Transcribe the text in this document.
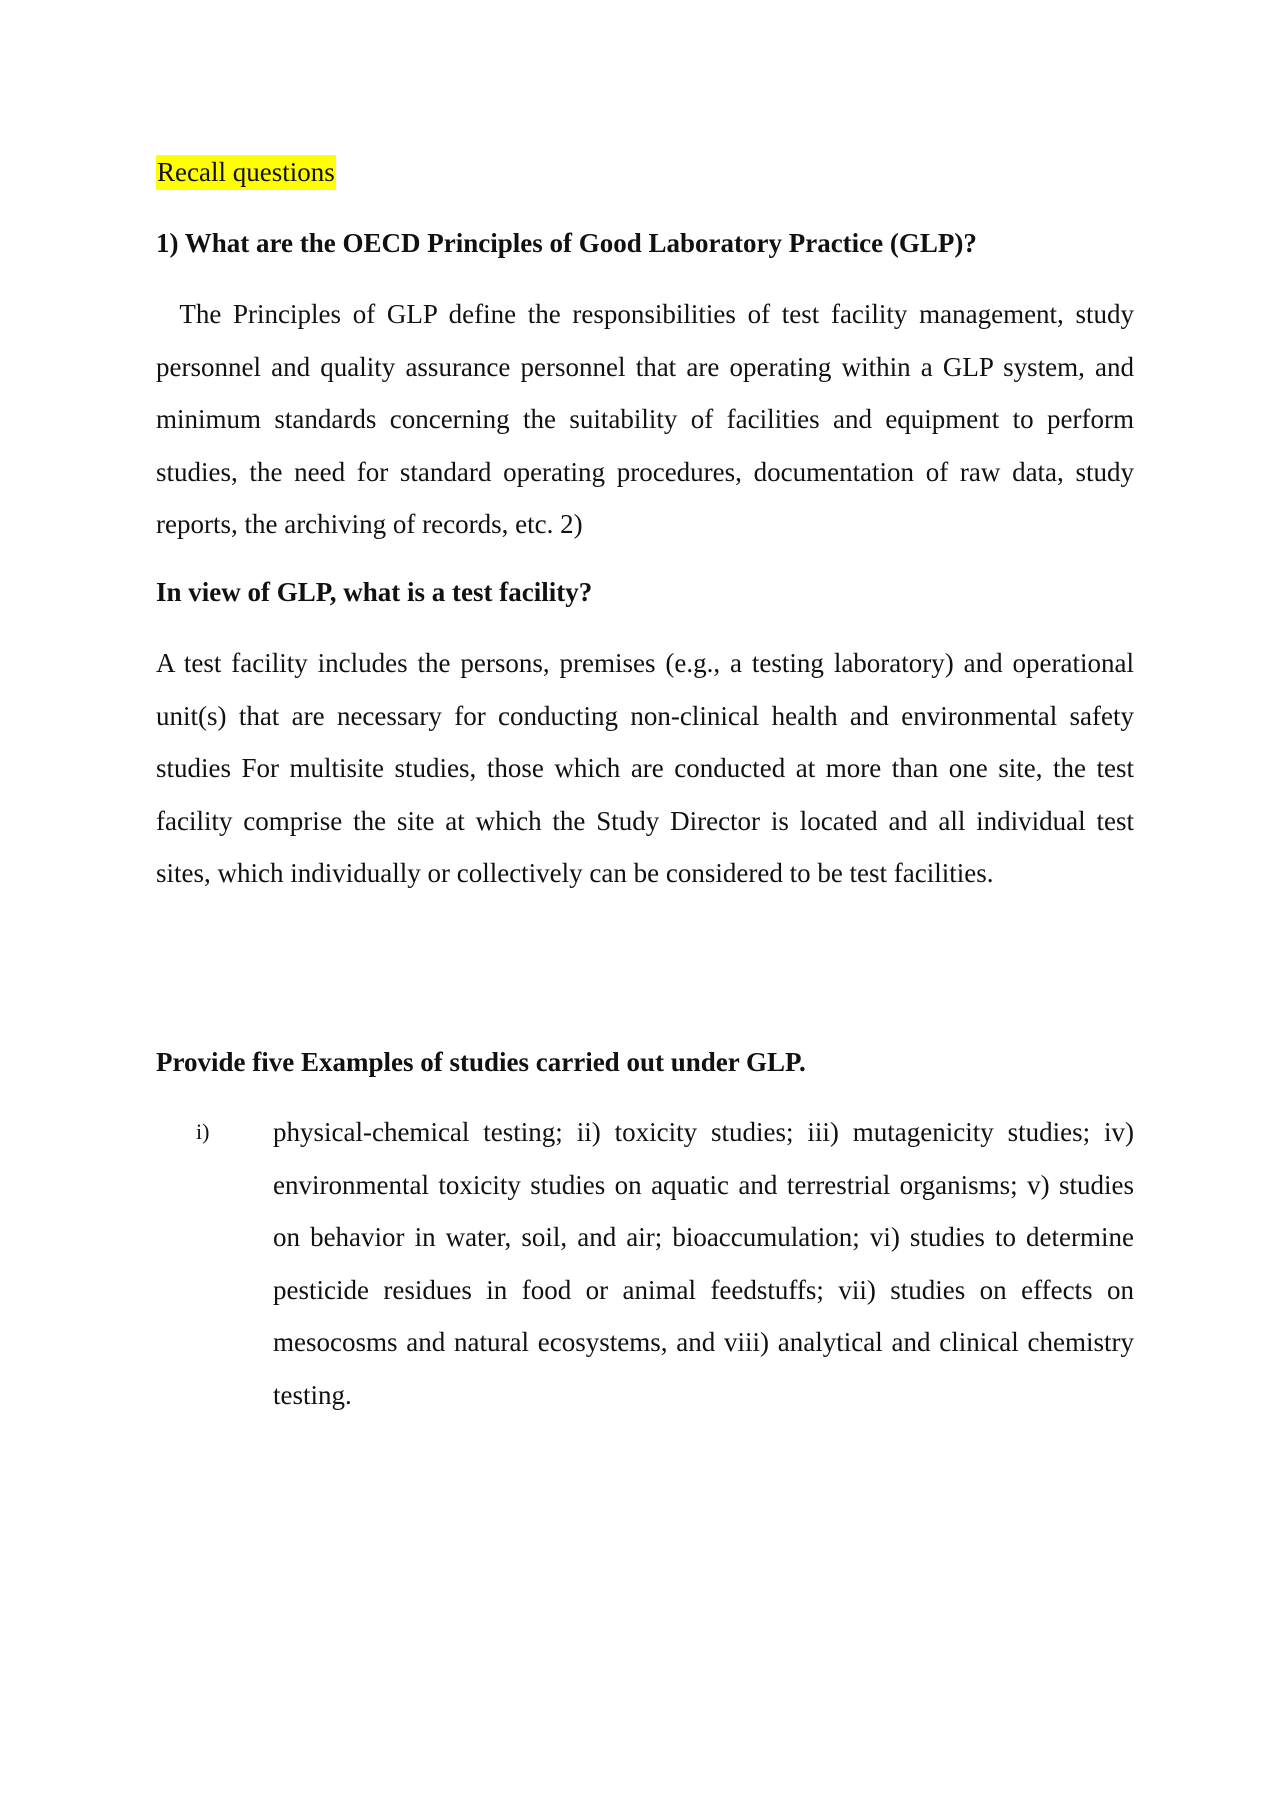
Recall questions
1) What are the OECD Principles of Good Laboratory Practice (GLP)?
The Principles of GLP define the responsibilities of test facility management, study personnel and quality assurance personnel that are operating within a GLP system, and minimum standards concerning the suitability of facilities and equipment to perform studies, the need for standard operating procedures, documentation of raw data, study reports, the archiving of records, etc. 2)
In view of GLP, what is a test facility?
A test facility includes the persons, premises (e.g., a testing laboratory) and operational unit(s) that are necessary for conducting non-clinical health and environmental safety studies For multisite studies, those which are conducted at more than one site, the test facility comprise the site at which the Study Director is located and all individual test sites, which individually or collectively can be considered to be test facilities.
Provide five Examples of studies carried out under GLP.
i) physical-chemical testing; ii) toxicity studies; iii) mutagenicity studies; iv) environmental toxicity studies on aquatic and terrestrial organisms; v) studies on behavior in water, soil, and air; bioaccumulation; vi) studies to determine pesticide residues in food or animal feedstuffs; vii) studies on effects on mesocosms and natural ecosystems, and viii) analytical and clinical chemistry testing.
